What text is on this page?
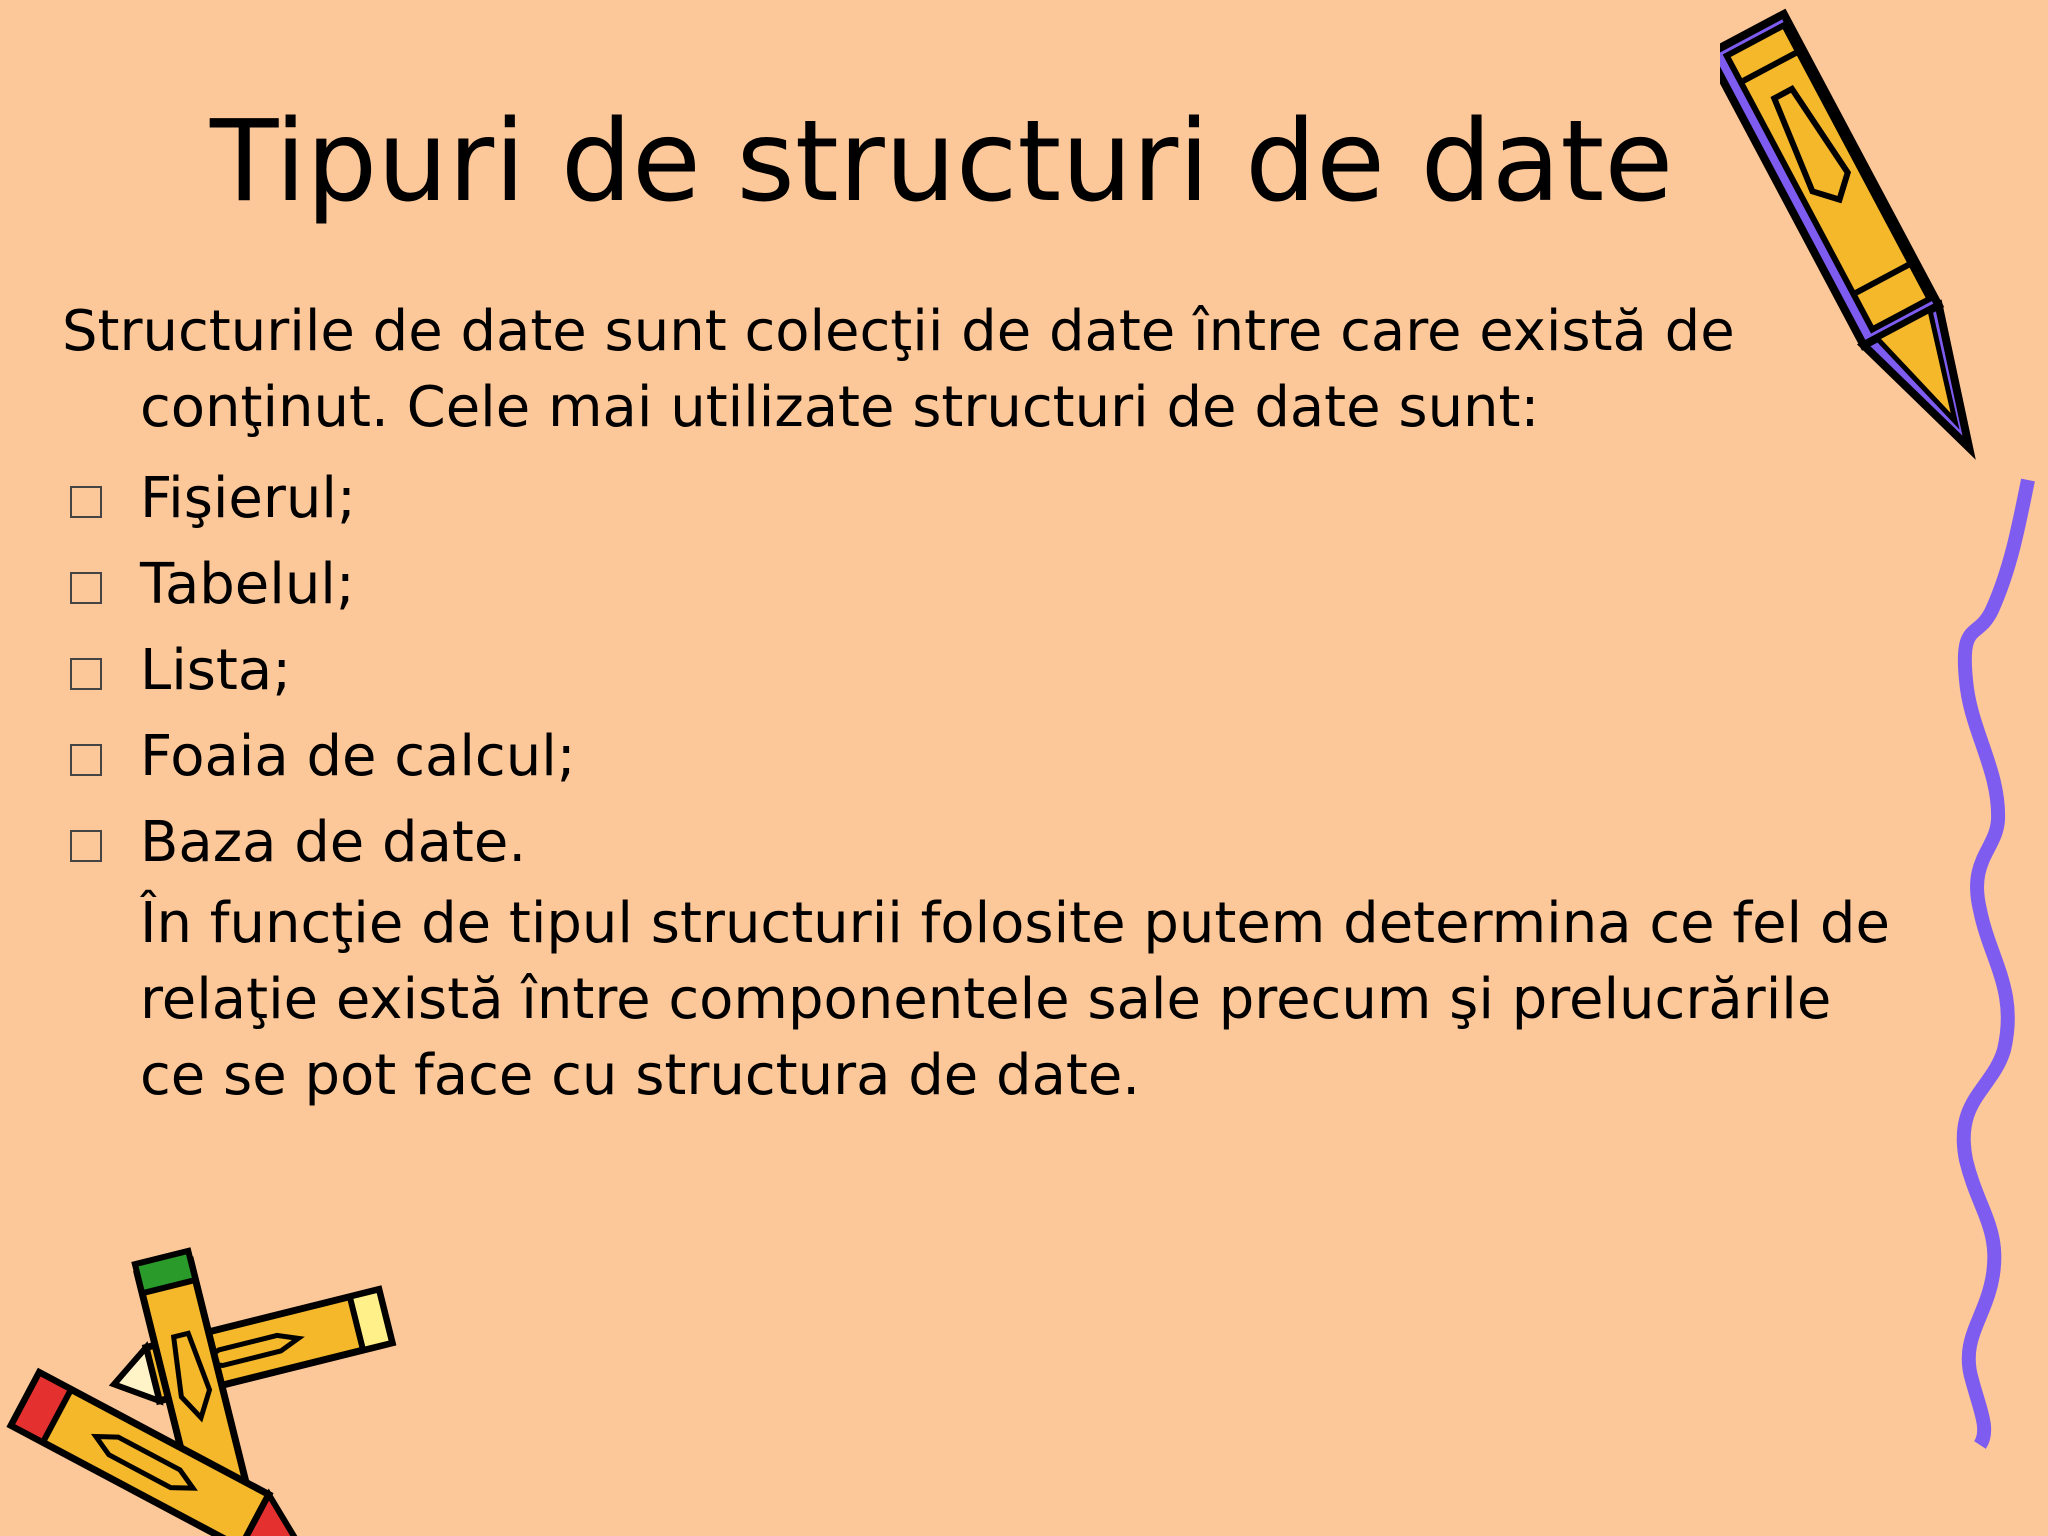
Tipuri de structuri de date

Structurile de date sunt colecţii de date între care există de conţinut. Cele mai utilizate structuri de date sunt:

Fişierul;
Tabelul;
Lista;
Foaia de calcul;
Baza de date.

În funcţie de tipul structurii folosite putem determina ce fel de relaţie există între componentele sale precum şi prelucrările ce se pot face cu structura de date.
